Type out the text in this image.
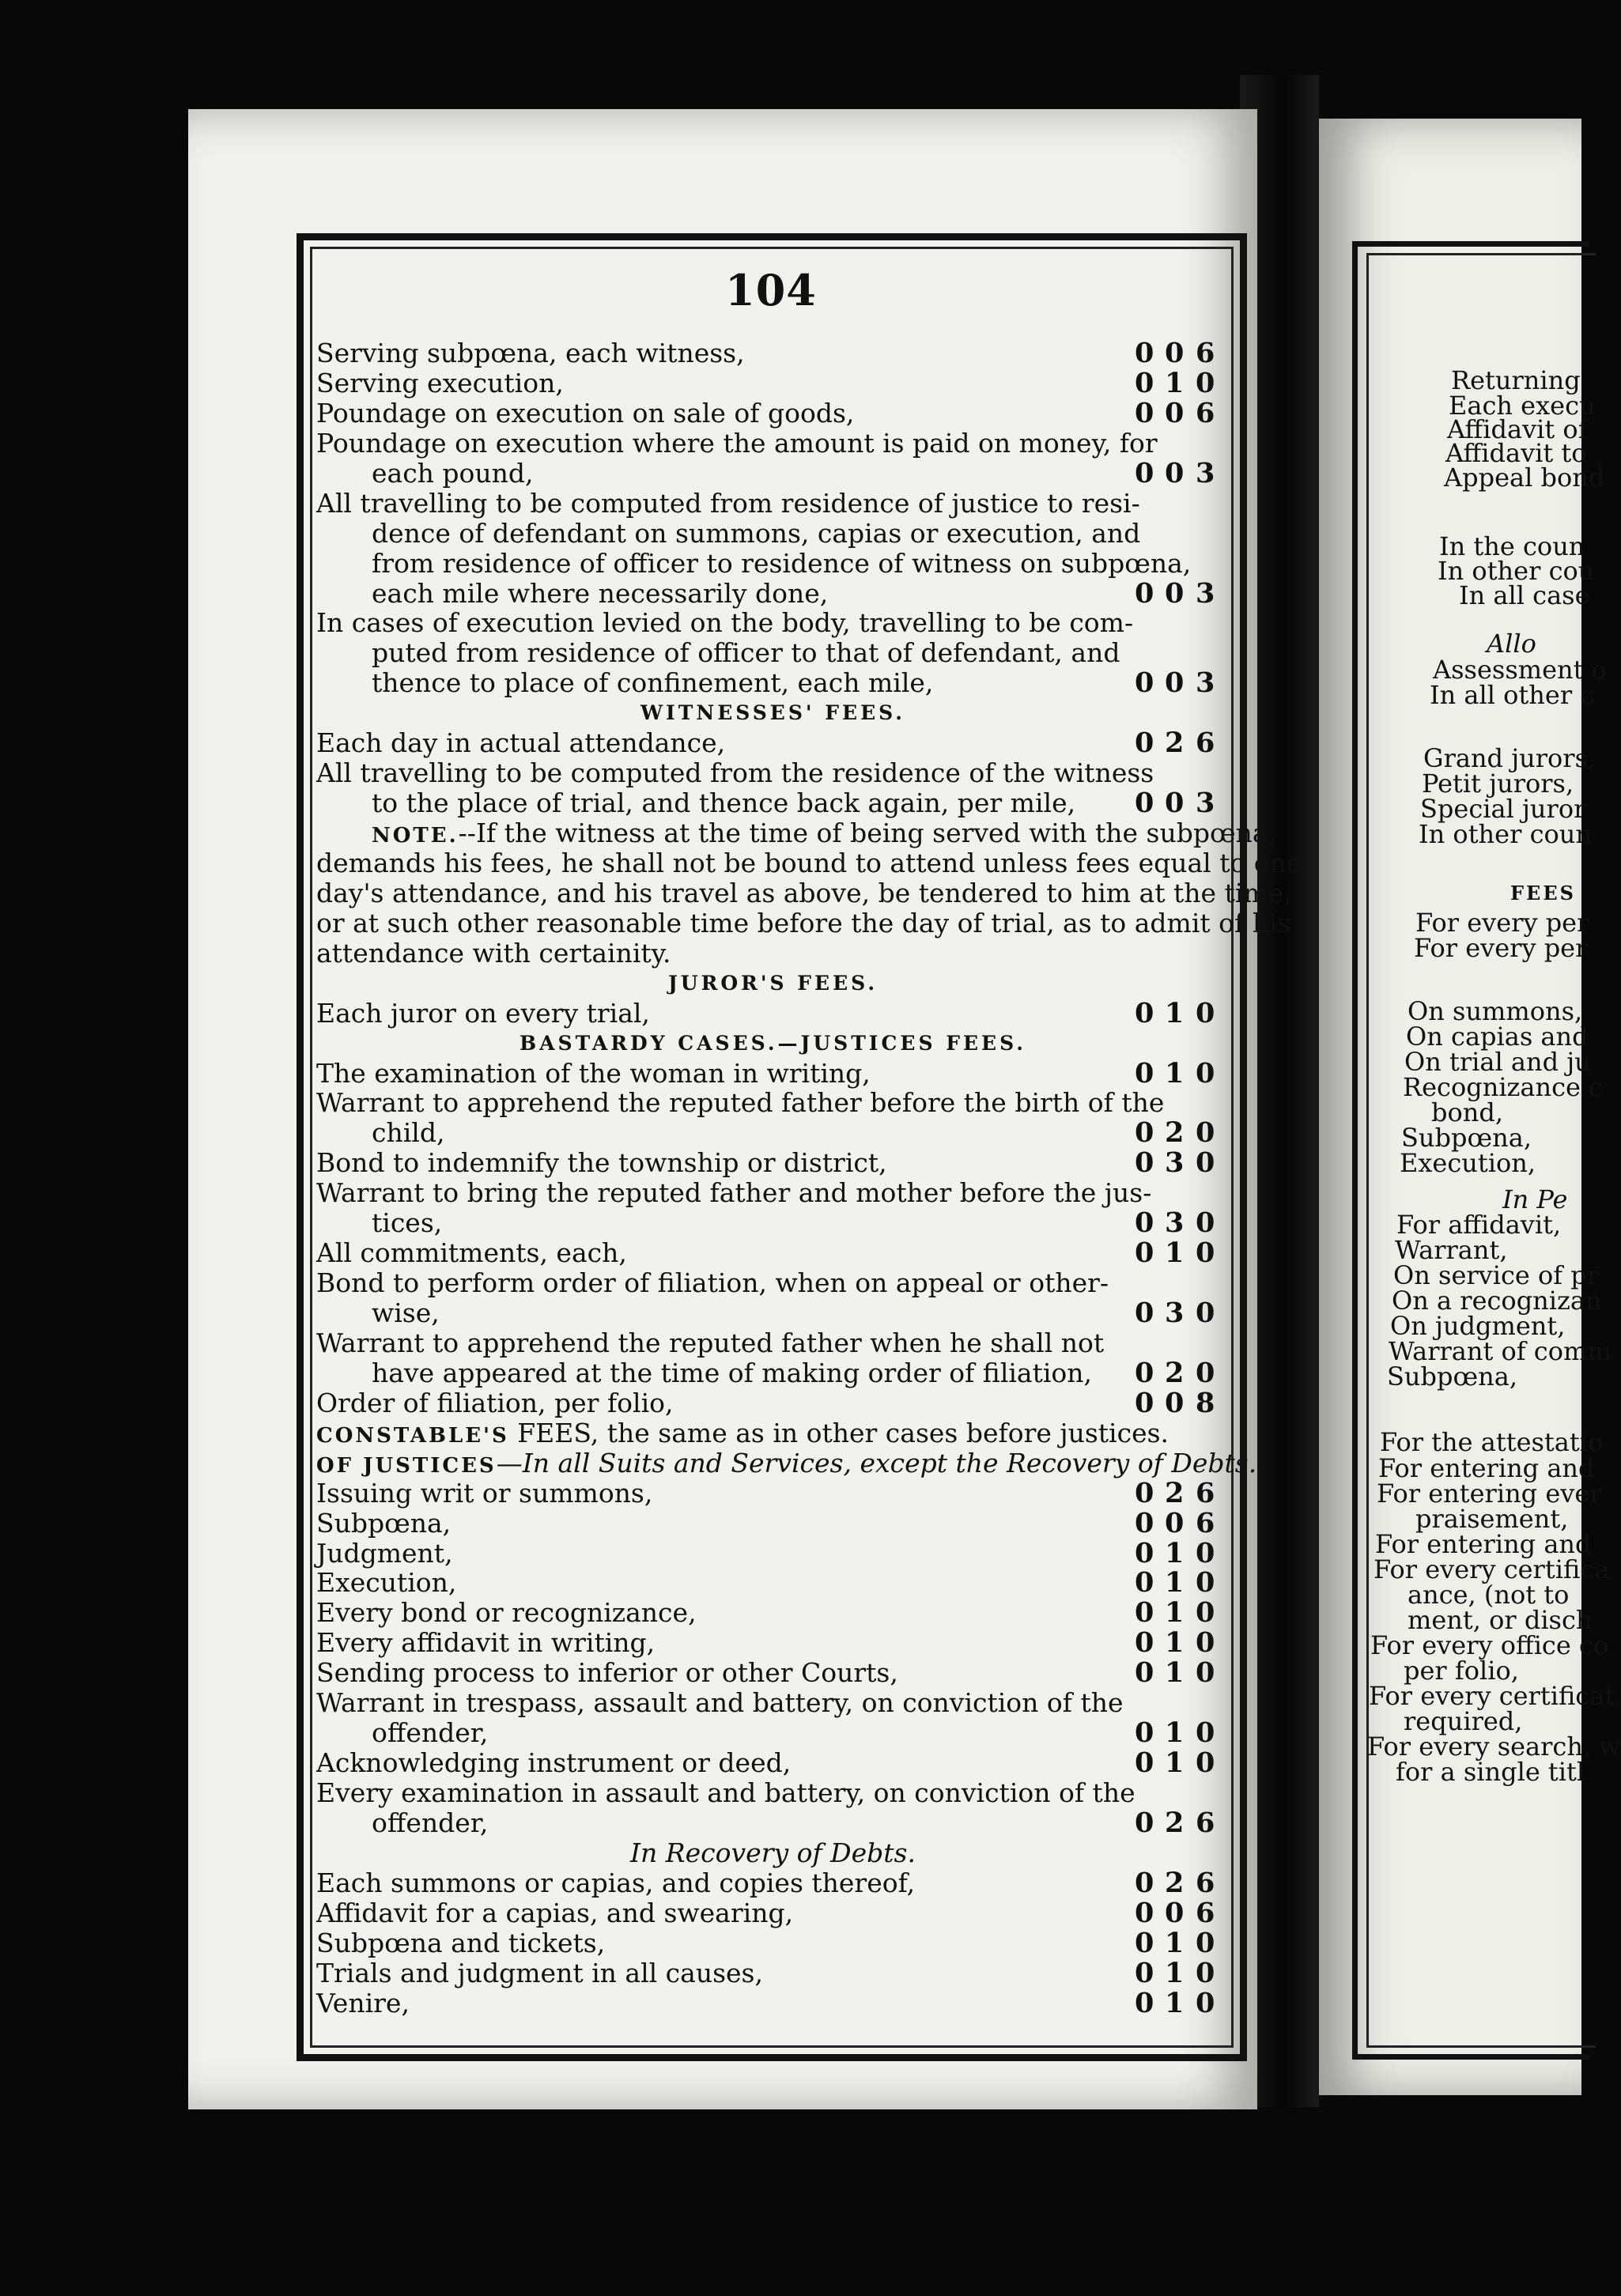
104
Serving subpœna, each witness,	0 0 6
Serving execution,	0 1 0
Poundage on execution on sale of goods,	0 0 6
Poundage on execution where the amount is paid on money, for
each pound,	0 0 3
All travelling to be computed from residence of justice to resi-
dence of defendant on summons, capias or execution, and
from residence of officer to residence of witness on subpœna,
each mile where necessarily done,	0 0 3
In cases of execution levied on the body, travelling to be com-
puted from residence of officer to that of defendant, and
thence to place of confinement, each mile,	0 0 3
WITNESSES' FEES.
Each day in actual attendance,	0 2 6
All travelling to be computed from the residence of the witness
to the place of trial, and thence back again, per mile, 0 0 3
NOTE.--If the witness at the time of being served with the subpœna,
demands his fees, he shall not be bound to attend unless fees equal to one
day's attendance, and his travel as above, be tendered to him at the time,
or at such other reasonable time before the day of trial, as to admit of his
attendance with certainity.
JUROR'S FEES.
Each juror on every trial,	0 1 0
BASTARDY CASES.—JUSTICES FEES.
The examination of the woman in writing,	0 1 0
Warrant to apprehend the reputed father before the birth of the
child,	0 2 0
Bond to indemnify the township or district,	0 3 0
Warrant to bring the reputed father and mother before the jus-
tices,	0 3 0
All commitments, each,	0 1 0
Bond to perform order of filiation, when on appeal or other-
wise,	0 3 0
Warrant to apprehend the reputed father when he shall not
have appeared at the time of making order of filiation, 0 2 0
Order of filiation, per folio,	0 0 8
CONSTABLE'S FEES, the same as in other cases before justices.
OF JUSTICES—In all Suits and Services, except the Recovery of Debts.
Issuing writ or summons,	0 2 6
Subpœna,	0 0 6
Judgment,	0 1 0
Execution,	0 1 0
Every bond or recognizance,	0 1 0
Every affidavit in writing,	0 1 0
Sending process to inferior or other Courts,	0 1 0
Warrant in trespass, assault and battery, on conviction of the
offender,	0 1 0
Acknowledging instrument or deed,	0 1 0
Every examination in assault and battery, on conviction of the
offender,	0 2 6
In Recovery of Debts.
Each summons or capias, and copies thereof,	0 2 6
Affidavit for a capias, and swearing,	0 0 6
Subpœna and tickets,	0 1 0
Trials and judgment in all causes,	0 1 0
Venire,	0 1 0
Returning
Each execu
Affidavit of
Affidavit to
Appeal bond
In the coun
In other cou
In all case
Allo
Assessment o
In all other c
Grand jurors,
Petit jurors,
Special juror
In other coun
FEES
For every per
For every per
On summons,
On capias and
On trial and ju
Recognizance c
bond,
Subpœna,
Execution,
In Pe
For affidavit,
Warrant,
On service of pr
On a recognizan
On judgment,
Warrant of comm
Subpœna,
For the attestatio
For entering and
For entering ever
praisement,
For entering and
For every certifica
ance, (not to
ment, or disch
For every office co
per folio,
For every certificat
required,
For every search, w
for a single titl
